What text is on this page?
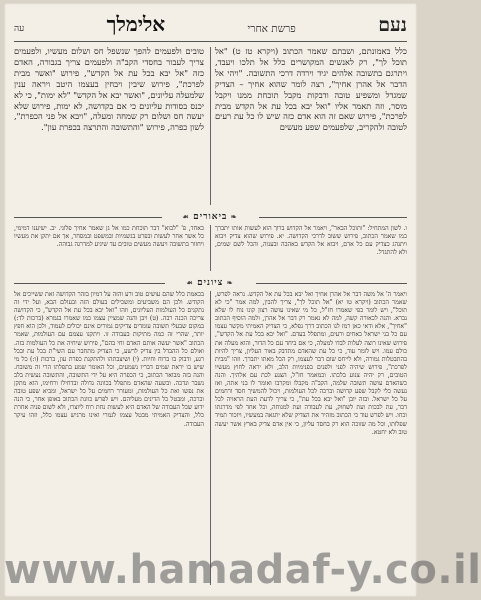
נעם
פרשת אחרי
אלימלך
עה
כלל באמונתם, ושבתם שאמר הכתוב (ויקרא טז ט) "אל תוכל לך", רק לאנשים המקושרים כלל אל תלכו ויעבד, ויתרגם בתשובה אלהים יגיד וירדה דרכי התשובה. "ויהי אל הדבר אל אהרן אחיך", רצה לומר שהוא אחיך – הצדיק שמגדל ומשפיע טובה ודבקות מקבל תוכחת ממנו ויקבל מוסר, וזה תאמר אליו "ואל יבא בכל עת אל הקדש מבית לפרכת", פירוש שאם זה הוא אדם כזה שיש לו כל עת רעים לטובה ולהקריב, שלפעמים שפע מעשים
טובים ולפעמים להפך שנשפל חס ושלום מעשיו, ולפעמים צריך לעבור בחסדי הקב"ה ולפעמים צריך בגבורה, האדם כזה "אל יבא בכל עת אל הקדש", פירוש "ואשר מבית לפרכת", פירוש שיבין ויבחין בעצמו היטב ויראה ענין שלמעלה עליונים, "ואשר יבא אל הקדש" "לא ימות", כי לא יכנס בסודות עליונים כי אם בקדושה, לא ימות, פירוש שלא יעשה חס ושלום רק שמחה ומעלה, "ויבא אל פני הכפרת", לשון כפרה, פירוש "והתשובה והתרצה בכפרת עון".
❧ ביאורים ☙
ו. לשון המתחיל: "ותוכל הבאר", ויאמר אל הקדוש ברוך הוא לעשות אותו יתברך כמו שאמר הכתוב, פירוש ששוב לדרכי הקדושה. יא. פירוש שהוא צדיק ויבוא ויתנהג כצדיק עם כל אדם, ויבוא אל הקדש באהבה ובענוה, והכל לשם שמים, ולא להתגדל.
כאחד, פ' "לבוא" דבר תוכחת כמו אל גן שאמר אחיך פלוני. יב. ישיענו דמימי, כל אשר אחר לעשות ובפרט בגשמיות ובמשפט ובמסחר, אך אם יתקן את מעשיו ויחזור בתשובה ויעשה מעשים טובים עד שיגיע למדרגה גבוהה.
❧ ציונים ☙
ויאמר ה' אל משה דבר אל אהרן אחיך ואל יבא בכל עת אל הקדש. נראה לפרש, שאמר הכתוב (ויקרא טו יא) "אל תוכל לך", צריך להבין, למה אמר "כי לא תוכל", ויש לומר כפי שאמרו חז"ל, כל מי שאינו עושה רצון קונו נוח לו שלא נברא. והנה לכאורה קשה, למה לא נאמר רק דבר אל אהרן, ולמה הוסיף הכתוב "אחיך", אלא ודאי כאן רמז לנו הכתוב דרך נפלא, כי הצדיק האמיתי מקשר עצמו עם כל בני ישראל כאחים ורעים, ומתפלל בעדם. "ואל יבא בכל עת אל הקדש", פירוש שאינו רוצה לעלות לבדו למעלה, כי אם ביחד עם כל הדור, והוא מעלה את כולם עמו. ויש לומר עוד, כי כל עת שהאדם מתדבק באור העליון, צריך להיות בהתבטלות גמורה, ולא לייחס שום דבר לעצמו, רק הכל מאתו יתברך. וזהו "מבית לפרכת", פירוש שיהיה לפני ולפנים בפנימיות הלב, ולא יראה לחוץ מעשיו הטובים, רק יהיה צנוע בלכתו. וכמאמר חז"ל, הצנע לכת עם אלהיך. והנה כשהאדם עושה תשובה שלמה, הקב"ה מקבלו ומקרבו ואומר לו בני אתה, ואז נעשה כלי לקבל שפע קדושה וברכה לכל העולמות, ויכול להמשיך חסד ורחמים על כל ישראל. ובזה יובן "ואל יבא בכל עת", כי צריך לדעת העת הראויה לכל דבר, עת לבכות ועת לשחוק, עת לעבודה ועת למנוחה, וכל אחד לפי מדרגתו וכחו. ויש לפרש עוד כי הכתוב מזהיר את הצדיק שלא יתגאה במעשיו, ויזכור תמיד שפלותו, וכל מה שזוכה הוא רק בחסד עליון, כי אין אדם צדיק בארץ אשר יעשה טוב ולא יחטא.
בכאמת כלל שהם עושים טוב ורע והזה על דמיון בזהר הקדושה זאת ששייכים אל הקודש. ולכן הם משביעים ומשכילים בעולם הזה ובעולם הבא, ועל ידי זה נתקנים כל העולמות העליונים, וזהו "ואל יבא בכל עת אל הקדש", כי הקדושה צריכה הכנה רבה. (ט) ויבן והנה שמציין עצמו כמו שאמרו בגמרא (ברכות לד:) במקום שבעלי תשובה עומדים צדיקים גמורים אינם יכולים לעמוד, ולכן הוא חפץ יותר, שהרי זה כמה מתיקות בעבודה זו. ויתקנו עצמם עם העולמות, שאמר הכתוב "אשר יעשה אותם האדם וחי בהם", פירוש שיחיה את כל העולמות בזה. ואולם כל ההבדל בין צדיק לרשע, כי הצדיק מתחבר עם השי"ת בכל עת ובכל רגע, ודבוק בו ברוח וחיות. (י) ושיצבתהו ולהתקנת כפרת עון, ברכות (ו:) כל מי שיש בו יראת שמים דבריו נשמעים, וכל האומר שמע בתפלתו הרי זה משובח. והנה בזה מבואר הכתוב, כי הכפרה היא על ידי התשובה, והתשובה נעשית בלב נשבר ונדכה. ובשעה שהאדם מתפלל בכוונה גדולה ובדחילו ורחימו, הוא מתקן את נפשו ואת כל העולמות, ומעורר רחמים על כל ישראל, ומביא שפע טובה וברכה, ומבטל כל הדינים מעליהם. ויש לפרש כוונת הכתוב באופן אחר, כי הנה ידוע שכל העבודה של האדם היא לעשות נחת רוח ליוצרו, ולא לשום פניה אחרת כלל, והצדיק האמיתי מבטל עצמו לגמרי ואינו מרגיש עצמו כלל, וזהו עיקר העבודה.
www.hamadaf-y.co.il
